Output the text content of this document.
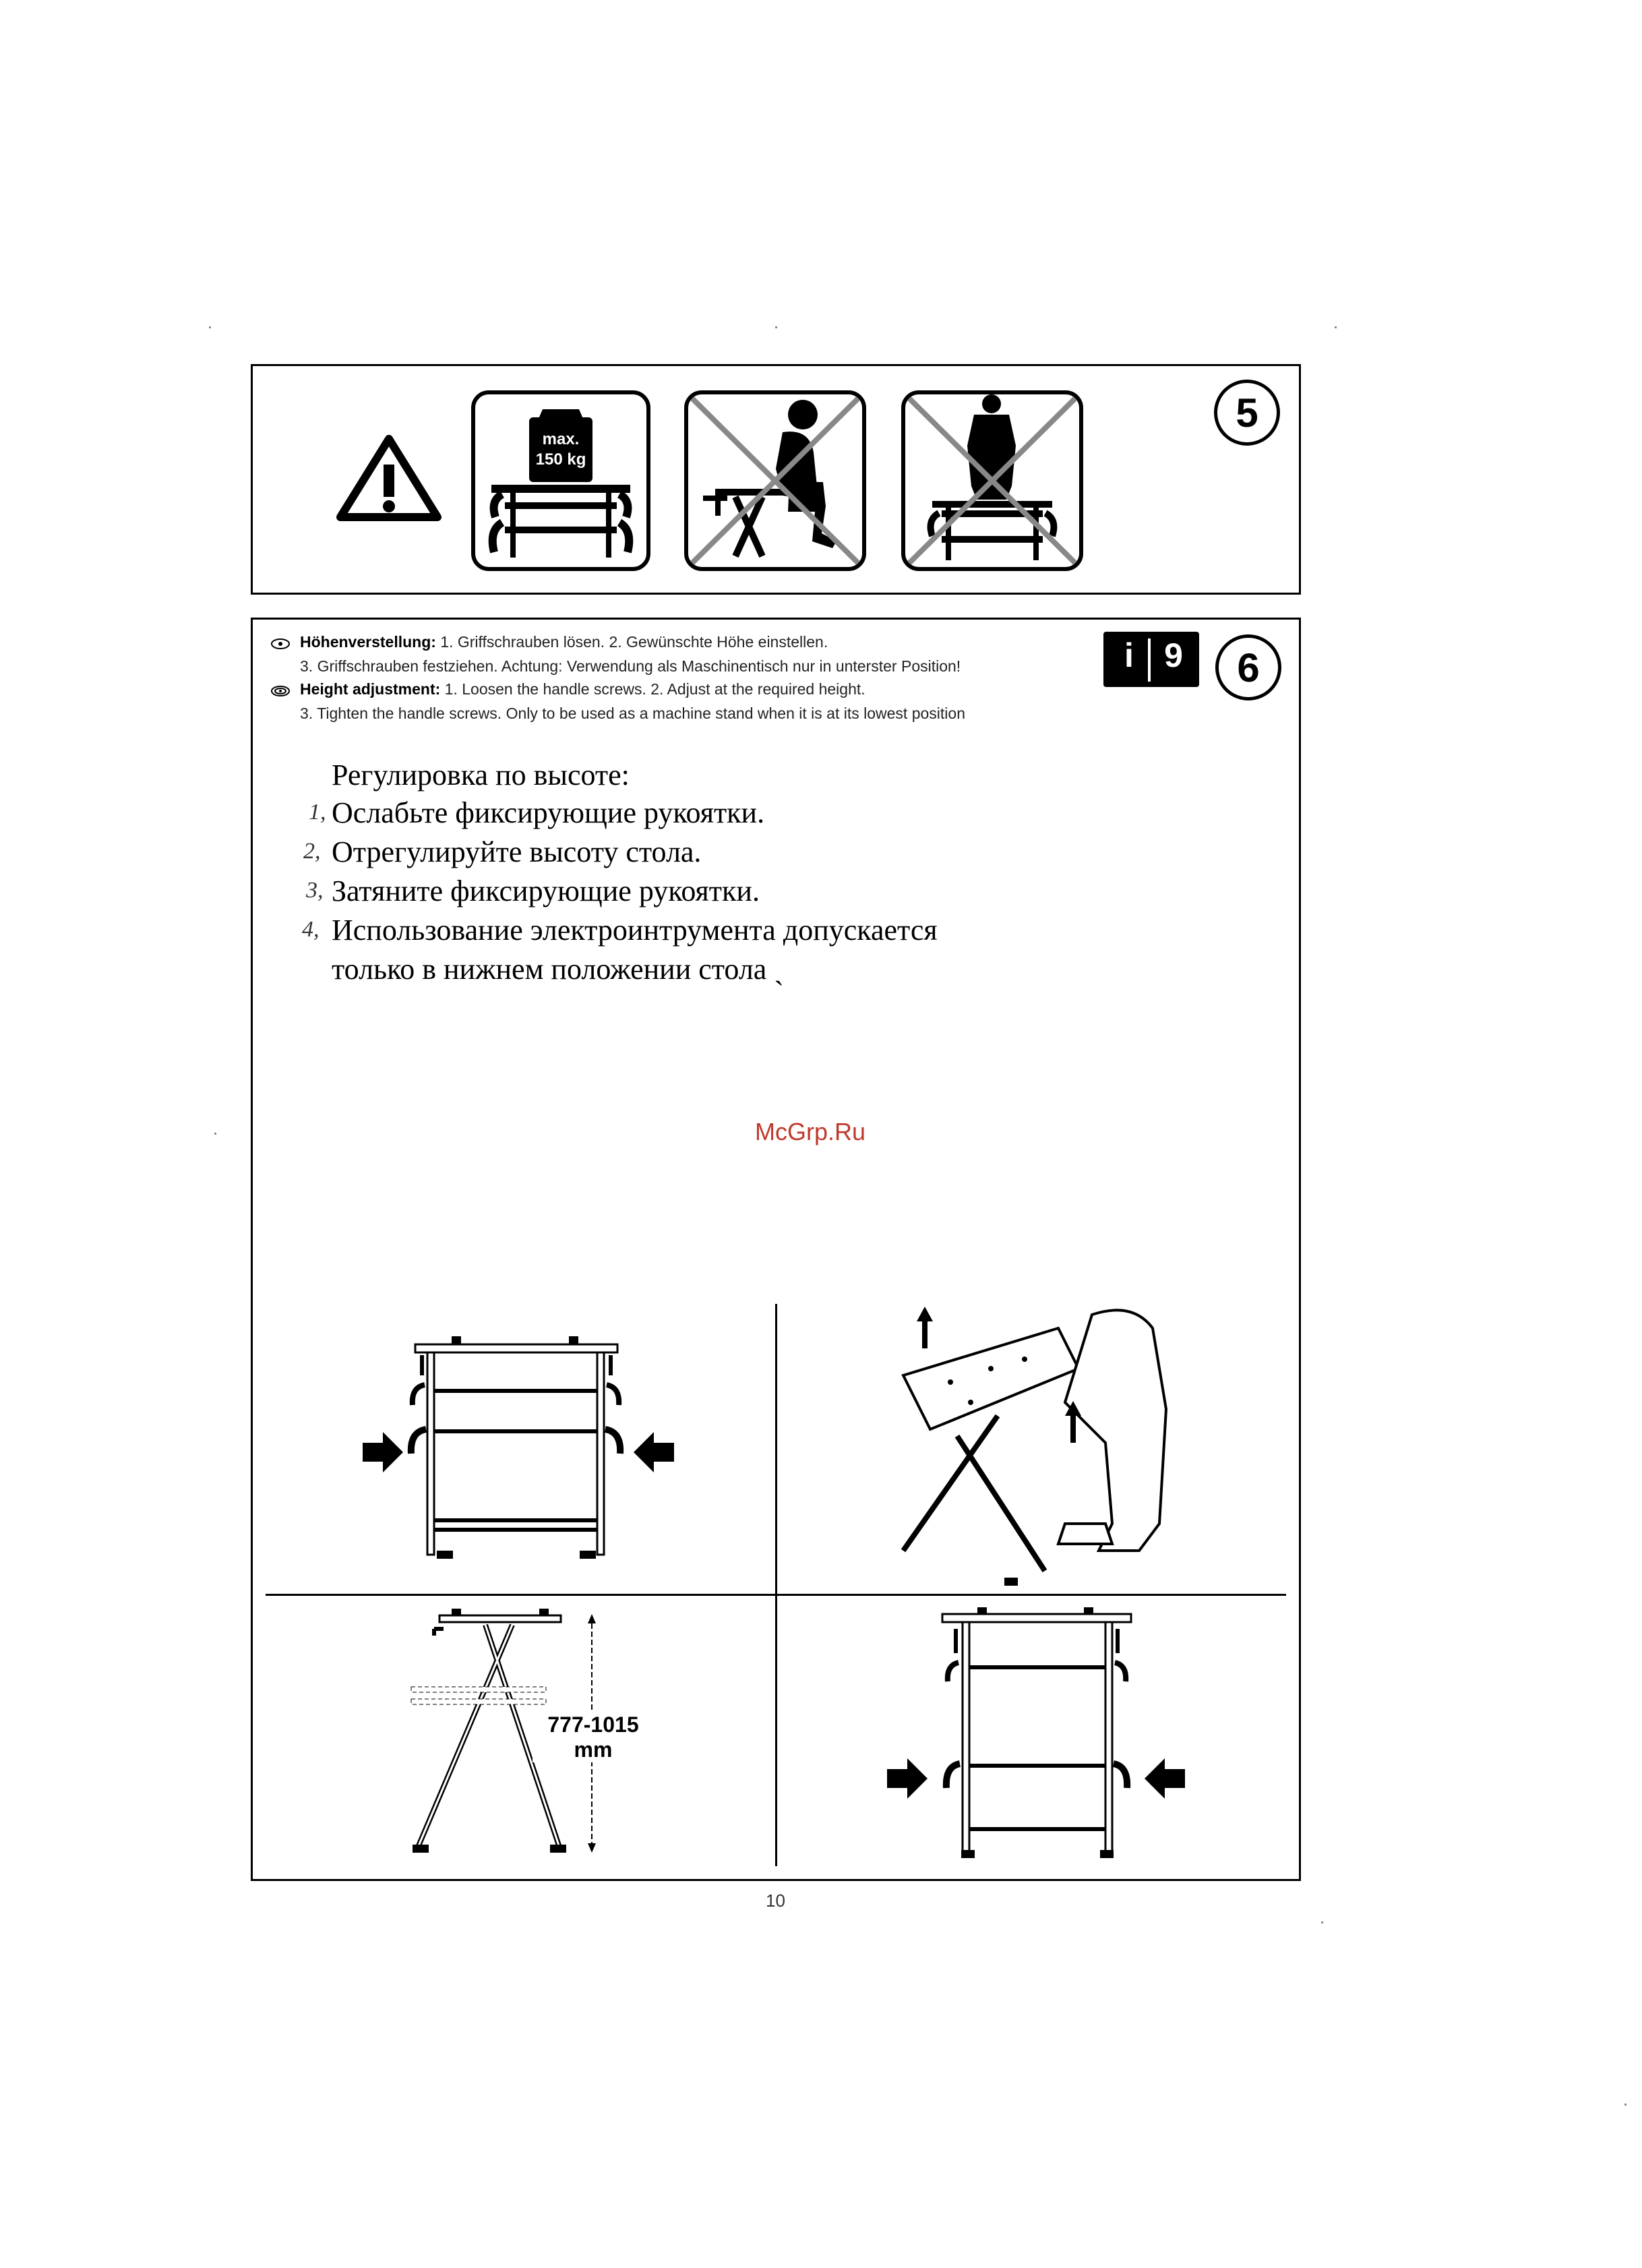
max.
150 kg
5
Höhenverstellung: 1. Griffschrauben lösen. 2. Gewünschte Höhe einstellen.
3. Griffschrauben festziehen. Achtung: Verwendung als Maschinentisch nur in unterster Position!
Height adjustment: 1. Loosen the handle screws. 2. Adjust at the required height.
3. Tighten the handle screws. Only to be used as a machine stand when it is at its lowest position
i 9	6
Регулировка по высоте:
1, Ослабьте фиксирующие рукоятки.
2, Отрегулируйте высоту стола.
3, Затяните фиксирующие рукоятки.
4, Использование электроинтрумента допускается
только в нижнем положении стола ˎ
McGrp.Ru
777-1015
mm
10
